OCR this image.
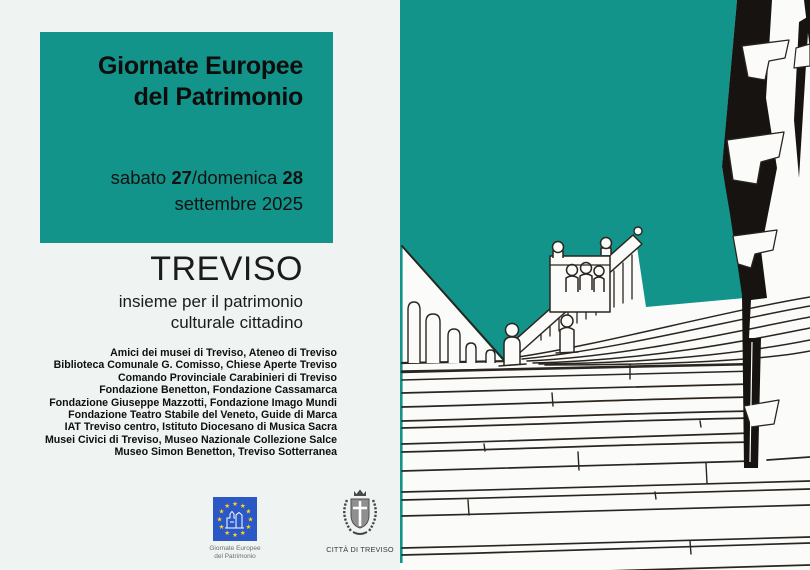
Giornate Europee
del Patrimonio
sabato 27/domenica 28
settembre 2025
TREVISO
insieme per il patrimonio
culturale cittadino
Amici dei musei di Treviso, Ateneo di Treviso
Biblioteca Comunale G. Comisso, Chiese Aperte Treviso
Comando Provinciale Carabinieri di Treviso
Fondazione Benetton, Fondazione Cassamarca
Fondazione Giuseppe Mazzotti, Fondazione Imago Mundi
Fondazione Teatro Stabile del Veneto, Guide di Marca
IAT Treviso centro, Istituto Diocesano di Musica Sacra
Musei Civici di Treviso, Museo Nazionale Collezione Salce
Museo Simon Benetton, Treviso Sotterranea
★ ★
★
★
★
★
★
★
★
★
★
★
Giornate Europee
del Patrimonio
CITTÀ DI TREVISO
